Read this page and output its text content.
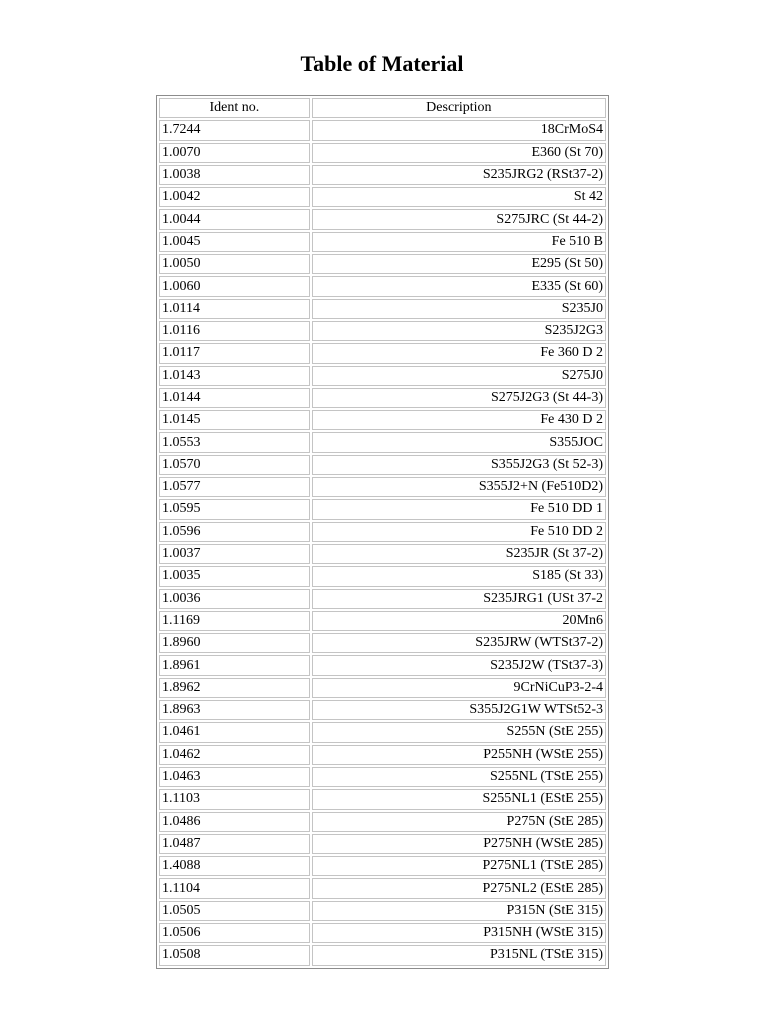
Table of Material
Ident no.	Description
1.7244	18CrMoS4
1.0070	E360 (St 70)
1.0038	S235JRG2 (RSt37-2)
1.0042	St 42
1.0044	S275JRC (St 44-2)
1.0045	Fe 510 B
1.0050	E295 (St 50)
1.0060	E335 (St 60)
1.0114	S235J0
1.0116	S235J2G3
1.0117	Fe 360 D 2
1.0143	S275J0
1.0144	S275J2G3 (St 44-3)
1.0145	Fe 430 D 2
1.0553	S355JOC
1.0570	S355J2G3 (St 52-3)
1.0577	S355J2+N (Fe510D2)
1.0595	Fe 510 DD 1
1.0596	Fe 510 DD 2
1.0037	S235JR (St 37-2)
1.0035	S185 (St 33)
1.0036	S235JRG1 (USt 37-2
1.1169	20Mn6
1.8960	S235JRW (WTSt37-2)
1.8961	S235J2W (TSt37-3)
1.8962	9CrNiCuP3-2-4
1.8963	S355J2G1W WTSt52-3
1.0461	S255N (StE 255)
1.0462	P255NH (WStE 255)
1.0463	S255NL (TStE 255)
1.1103	S255NL1 (EStE 255)
1.0486	P275N (StE 285)
1.0487	P275NH (WStE 285)
1.4088	P275NL1 (TStE 285)
1.1104	P275NL2 (EStE 285)
1.0505	P315N (StE 315)
1.0506	P315NH (WStE 315)
1.0508	P315NL (TStE 315)
